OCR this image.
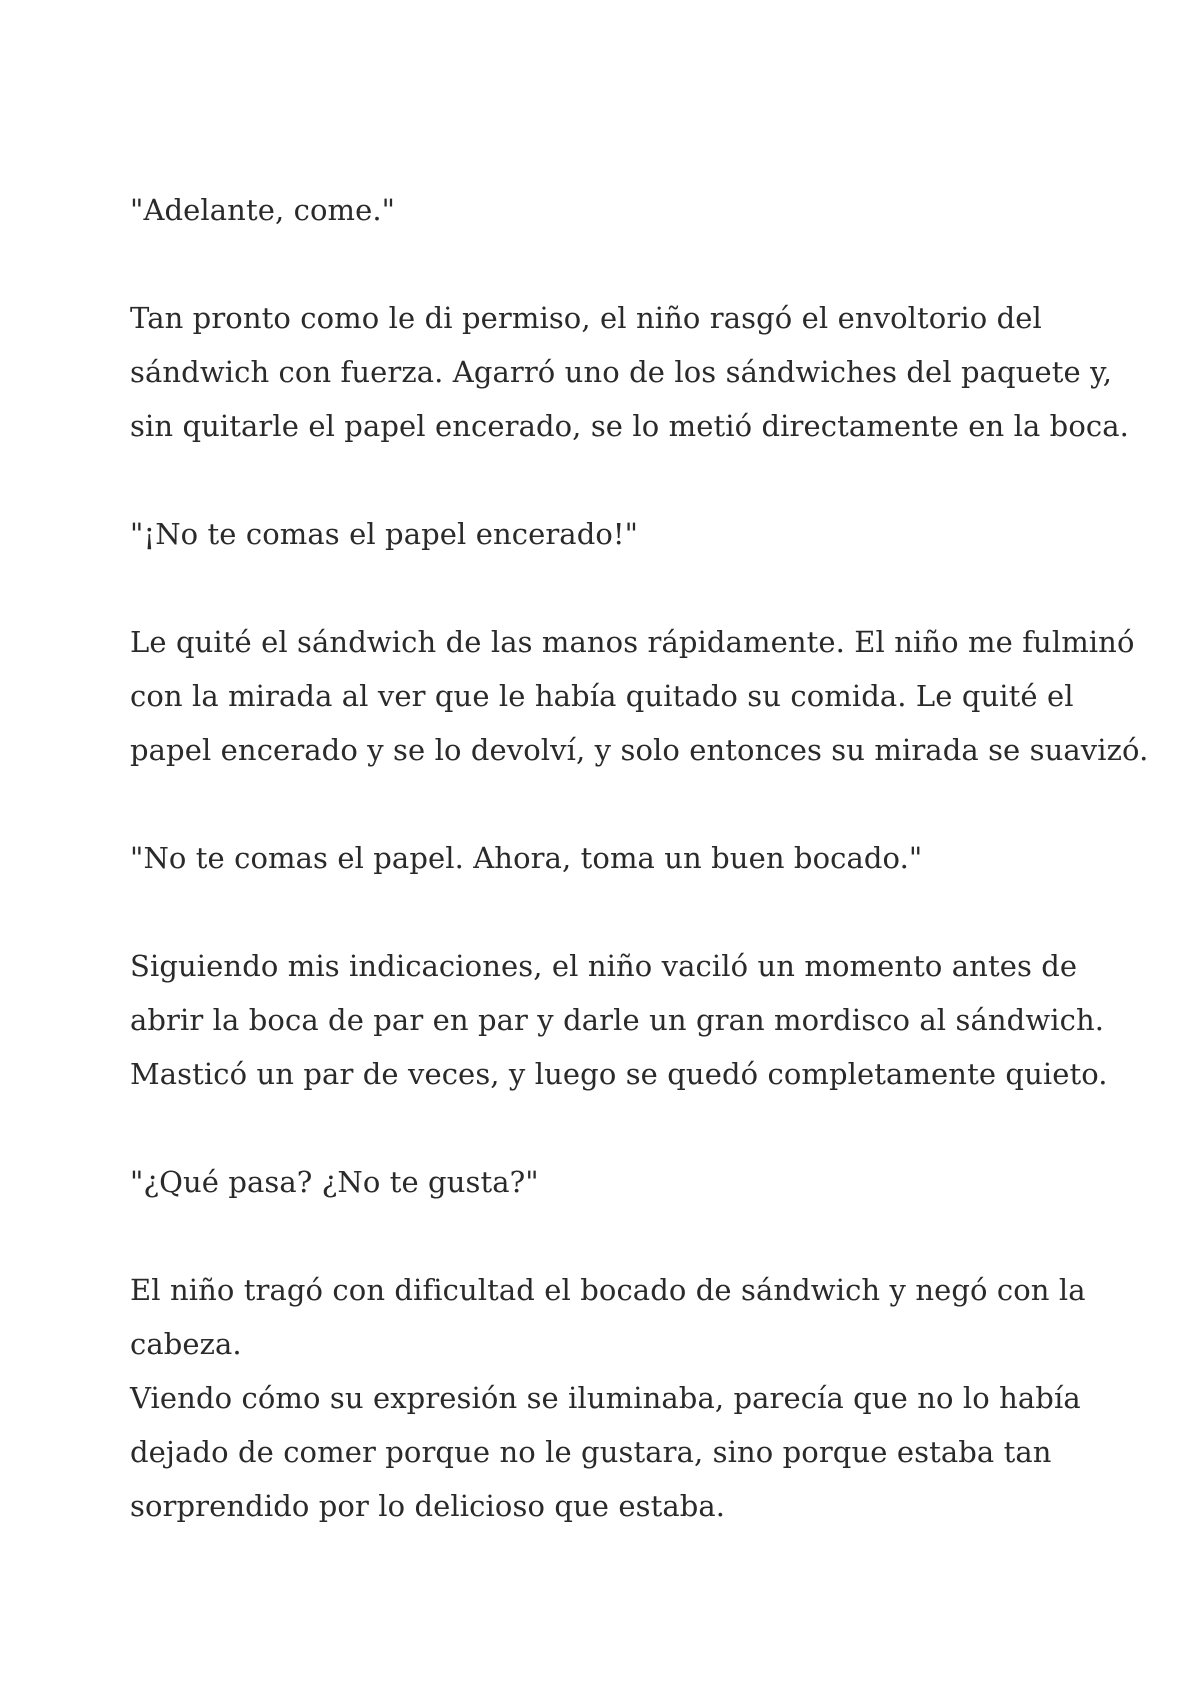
"Adelante, come."

Tan pronto como le di permiso, el niño rasgó el envoltorio del
sándwich con fuerza. Agarró uno de los sándwiches del paquete y,
sin quitarle el papel encerado, se lo metió directamente en la boca.

"¡No te comas el papel encerado!"

Le quité el sándwich de las manos rápidamente. El niño me fulminó
con la mirada al ver que le había quitado su comida. Le quité el
papel encerado y se lo devolví, y solo entonces su mirada se suavizó.

"No te comas el papel. Ahora, toma un buen bocado."

Siguiendo mis indicaciones, el niño vaciló un momento antes de
abrir la boca de par en par y darle un gran mordisco al sándwich.
Masticó un par de veces, y luego se quedó completamente quieto.

"¿Qué pasa? ¿No te gusta?"

El niño tragó con dificultad el bocado de sándwich y negó con la
cabeza.
Viendo cómo su expresión se iluminaba, parecía que no lo había
dejado de comer porque no le gustara, sino porque estaba tan
sorprendido por lo delicioso que estaba.
